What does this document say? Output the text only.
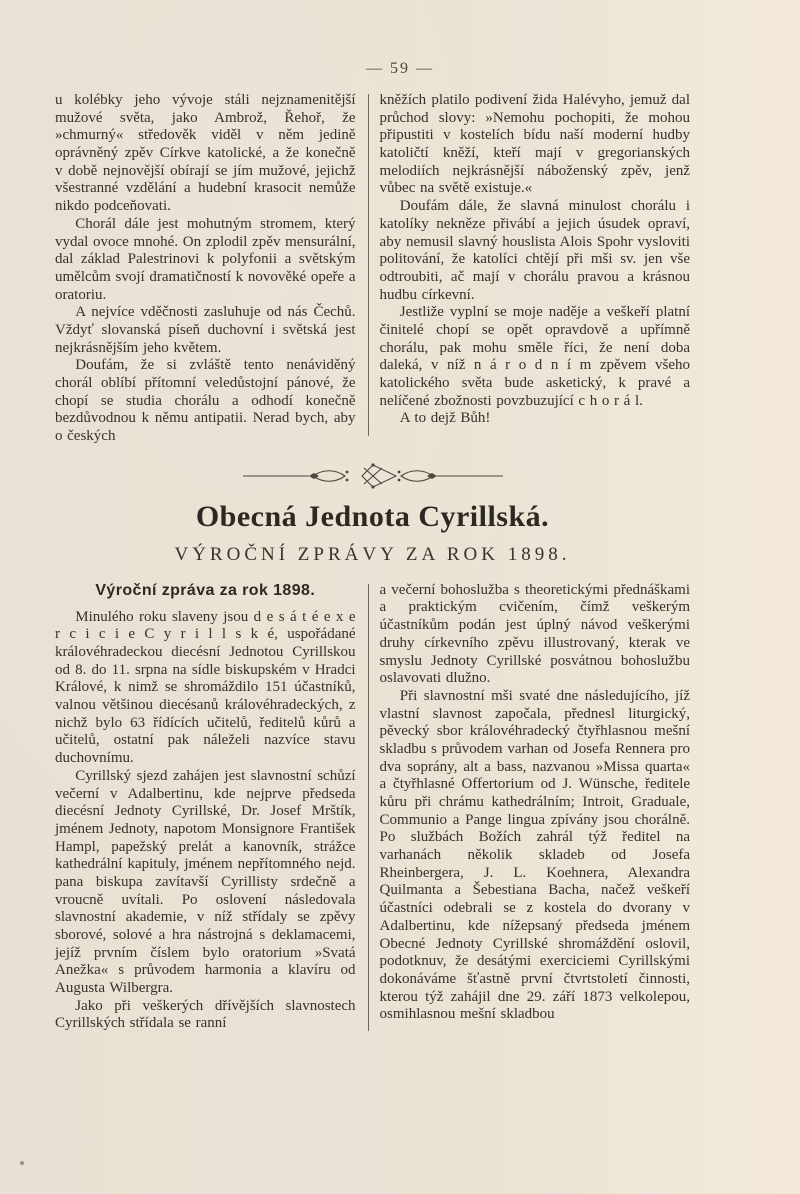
— 59 —

u kolébky jeho vývoje stáli nejznamenitější mužové světa, jako Ambrož, Řehoř, že »chmurný« středověk viděl v něm jedině oprávněný zpěv Církve katolické, a že konečně v době nejnovější obírají se jím mužové, jejichž všestranné vzdělání a hudební krasocit nemůže nikdo podceňovati.

Chorál dále jest mohutným stromem, který vydal ovoce mnohé. On zplodil zpěv mensurální, dal základ Palestrinovi k polyfonii a světským umělcům svojí dramatičností k novověké opeře a oratoriu.

A nejvíce vděčnosti zasluhuje od nás Čechů. Vždyť slovanská píseň duchovní i světská jest nejkrásnějším jeho květem.

Doufám, že si zvláště tento nenáviděný chorál oblíbí přítomní veledůstojní pánové, že chopí se studia chorálu a odhodí konečně bezdůvodnou k němu antipatii. Nerad bych, aby o českých

kněžích platilo podivení žida Halévyho, jemuž dal průchod slovy: »Nemohu pochopiti, že mohou připustiti v kostelích bídu naší moderní hudby katoličtí kněží, kteří mají v gregorianských melodiích nejkrásnější náboženský zpěv, jenž vůbec na světě existuje.«

Doufám dále, že slavná minulost chorálu i katolíky nekněze přivábí a jejich úsudek opraví, aby nemusil slavný houslista Alois Spohr vysloviti politování, že katolíci chtějí při mši sv. jen vše odtroubiti, ač mají v chorálu pravou a krásnou hudbu církevní.

Jestliže vyplní se moje naděje a veškeří platní činitelé chopí se opět opravdově a upřímně chorálu, pak mohu směle říci, že není doba daleká, v níž n á r o d n í m zpěvem všeho katolického světa bude asketický, k pravé a nelíčené zbožnosti povzbuzující c h o r á l.

A to dejž Bůh!

Obecná Jednota Cyrillská.
VÝROČNÍ ZPRÁVY ZA ROK 1898.
Výroční zpráva za rok 1898.

Minulého roku slaveny jsou d e s á t é e x e r c i c i e C y r i l l s k é, uspořádané královéhradeckou diecésní Jednotou Cyrillskou od 8. do 11. srpna na sídle biskupském v Hradci Králové, k nimž se shromáždilo 151 účastníků, valnou většinou diecésanů královéhradeckých, z nichž bylo 63 řídících učitelů, ředitelů kůrů a učitelů, ostatní pak náleželi nazvíce stavu duchovnímu.

Cyrillský sjezd zahájen jest slavnostní schůzí večerní v Adalbertinu, kde nejprve předseda diecésní Jednoty Cyrillské, Dr. Josef Mrštík, jménem Jednoty, napotom Monsignore František Hampl, papežský prelát a kanovník, strážce kathedrální kapituly, jménem nepřítomného nejd. pana biskupa zavítavší Cyrillisty srdečně a vroucně uvítali. Po oslovení následovala slavnostní akademie, v níž střídaly se zpěvy sborové, solové a hra nástrojná s deklamacemi, jejíž prvním číslem bylo oratorium »Svatá Anežka« s průvodem harmonia a klavíru od Augusta Wilbergra.

Jako při veškerých dřívějších slavnostech Cyrillských střídala se ranní

a večerní bohoslužba s theoretickými přednáškami a praktickým cvičením, čímž veškerým účastníkům podán jest úplný návod veškerými druhy církevního zpěvu illustrovaný, kterak ve smyslu Jednoty Cyrillské posvátnou bohoslužbu oslavovati dlužno.

Při slavnostní mši svaté dne následujícího, jíž vlastní slavnost započala, přednesl liturgický, pěvecký sbor královéhradecký čtyřhlasnou mešní skladbu s průvodem varhan od Josefa Rennera pro dva soprány, alt a bass, nazvanou »Missa quarta« a čtyřhlasné Offertorium od J. Wünsche, ředitele kůru při chrámu kathedrálním; Introit, Graduale, Communio a Pange lingua zpívány jsou chorálně. Po službách Božích zahrál týž ředitel na varhanách několik skladeb od Josefa Rheinbergera, J. L. Koehnera, Alexandra Quilmanta a Šebestiana Bacha, načež veškeří účastníci odebrali se z kostela do dvorany v Adalbertinu, kde nížepsaný předseda jménem Obecné Jednoty Cyrillské shromáždění oslovil, podotknuv, že desátými exerciciemi Cyrillskými dokonáváme šťastně první čtvrtstoletí činnosti, kterou týž zahájil dne 29. září 1873 velkolepou, osmihlasnou mešní skladbou
